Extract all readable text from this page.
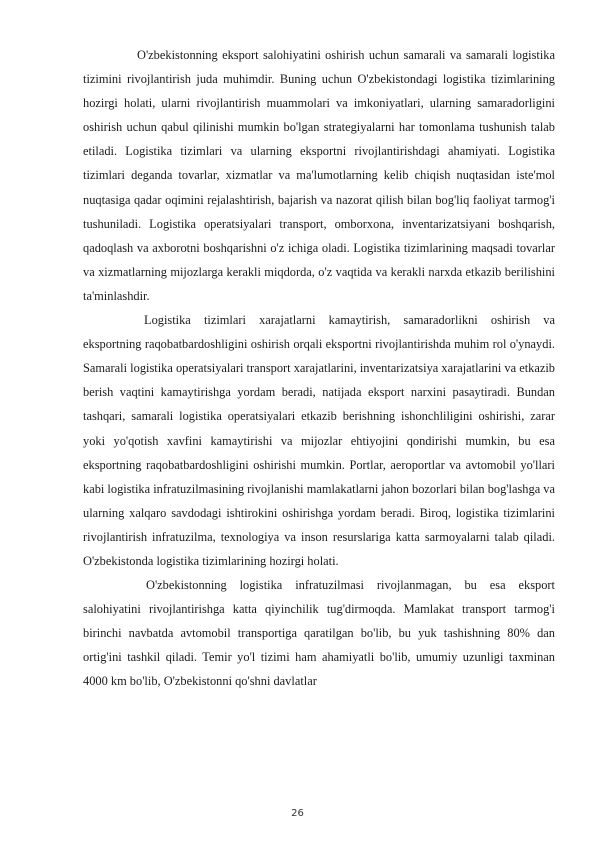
O'zbekistonning eksport salohiyatini oshirish uchun samarali va samarali logistika tizimini rivojlantirish juda muhimdir. Buning uchun O'zbekistondagi logistika tizimlarining hozirgi holati, ularni rivojlantirish muammolari va imkoniyatlari, ularning samaradorligini oshirish uchun qabul qilinishi mumkin bo'lgan strategiyalarni har tomonlama tushunish talab etiladi. Logistika tizimlari va ularning eksportni rivojlantirishdagi ahamiyati. Logistika tizimlari deganda tovarlar, xizmatlar va ma'lumotlarning kelib chiqish nuqtasidan iste'mol nuqtasiga qadar oqimini rejalashtirish, bajarish va nazorat qilish bilan bog'liq faoliyat tarmog'i tushuniladi. Logistika operatsiyalari transport, omborxona, inventarizatsiyani boshqarish, qadoqlash va axborotni boshqarishni o'z ichiga oladi. Logistika tizimlarining maqsadi tovarlar va xizmatlarning mijozlarga kerakli miqdorda, o'z vaqtida va kerakli narxda etkazib berilishini ta'minlashdir.

Logistika tizimlari xarajatlarni kamaytirish, samaradorlikni oshirish va eksportning raqobatbardoshligini oshirish orqali eksportni rivojlantirishda muhim rol o'ynaydi. Samarali logistika operatsiyalari transport xarajatlarini, inventarizatsiya xarajatlarini va etkazib berish vaqtini kamaytirishga yordam beradi, natijada eksport narxini pasaytiradi. Bundan tashqari, samarali logistika operatsiyalari etkazib berishning ishonchliligini oshirishi, zarar yoki yo'qotish xavfini kamaytirishi va mijozlar ehtiyojini qondirishi mumkin, bu esa eksportning raqobatbardoshligini oshirishi mumkin. Portlar, aeroportlar va avtomobil yo'llari kabi logistika infratuzilmasining rivojlanishi mamlakatlarni jahon bozorlari bilan bog'lashga va ularning xalqaro savdodagi ishtirokini oshirishga yordam beradi. Biroq, logistika tizimlarini rivojlantirish infratuzilma, texnologiya va inson resurslariga katta sarmoyalarni talab qiladi. O'zbekistonda logistika tizimlarining hozirgi holati.

O'zbekistonning logistika infratuzilmasi rivojlanmagan, bu esa eksport salohiyatini rivojlantirishga katta qiyinchilik tug'dirmoqda. Mamlakat transport tarmog'i birinchi navbatda avtomobil transportiga qaratilgan bo'lib, bu yuk tashishning 80% dan ortig'ini tashkil qiladi. Temir yo'l tizimi ham ahamiyatli bo'lib, umumiy uzunligi taxminan 4000 km bo'lib, O'zbekistonni qo'shni davlatlar

26
